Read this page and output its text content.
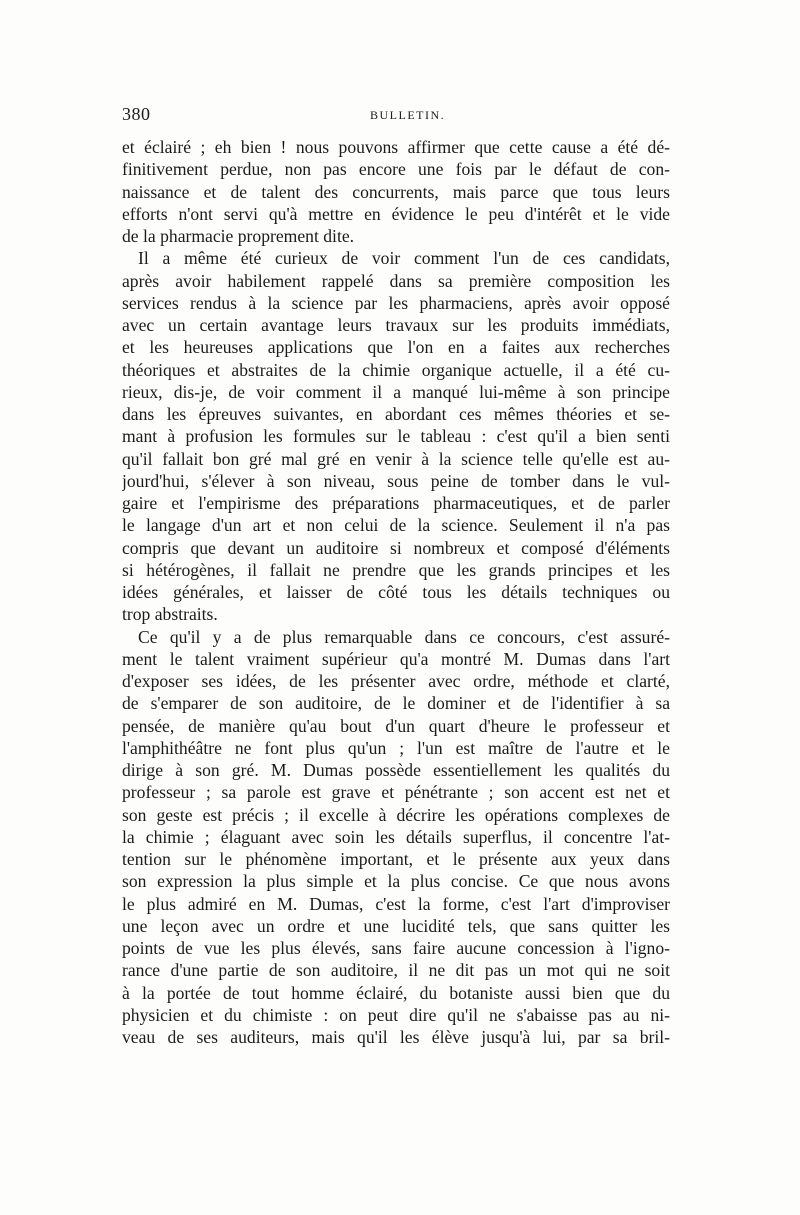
380	BULLETIN.
et éclairé ; eh bien ! nous pouvons affirmer que cette cause a été dé-
finitivement perdue, non pas encore une fois par le défaut de con-
naissance et de talent des concurrents, mais parce que tous leurs
efforts n'ont servi qu'à mettre en évidence le peu d'intérêt et le vide
de la pharmacie proprement dite.
Il a même été curieux de voir comment l'un de ces candidats,
après avoir habilement rappelé dans sa première composition les
services rendus à la science par les pharmaciens, après avoir opposé
avec un certain avantage leurs travaux sur les produits immédiats,
et les heureuses applications que l'on en a faites aux recherches
théoriques et abstraites de la chimie organique actuelle, il a été cu-
rieux, dis-je, de voir comment il a manqué lui-même à son principe
dans les épreuves suivantes, en abordant ces mêmes théories et se-
mant à profusion les formules sur le tableau : c'est qu'il a bien senti
qu'il fallait bon gré mal gré en venir à la science telle qu'elle est au-
jourd'hui, s'élever à son niveau, sous peine de tomber dans le vul-
gaire et l'empirisme des préparations pharmaceutiques, et de parler
le langage d'un art et non celui de la science. Seulement il n'a pas
compris que devant un auditoire si nombreux et composé d'éléments
si hétérogènes, il fallait ne prendre que les grands principes et les
idées générales, et laisser de côté tous les détails techniques ou
trop abstraits.
Ce qu'il y a de plus remarquable dans ce concours, c'est assuré-
ment le talent vraiment supérieur qu'a montré M. Dumas dans l'art
d'exposer ses idées, de les présenter avec ordre, méthode et clarté,
de s'emparer de son auditoire, de le dominer et de l'identifier à sa
pensée, de manière qu'au bout d'un quart d'heure le professeur et
l'amphithéâtre ne font plus qu'un ; l'un est maître de l'autre et le
dirige à son gré. M. Dumas possède essentiellement les qualités du
professeur ; sa parole est grave et pénétrante ; son accent est net et
son geste est précis ; il excelle à décrire les opérations complexes de
la chimie ; élaguant avec soin les détails superflus, il concentre l'at-
tention sur le phénomène important, et le présente aux yeux dans
son expression la plus simple et la plus concise. Ce que nous avons
le plus admiré en M. Dumas, c'est la forme, c'est l'art d'improviser
une leçon avec un ordre et une lucidité tels, que sans quitter les
points de vue les plus élevés, sans faire aucune concession à l'igno-
rance d'une partie de son auditoire, il ne dit pas un mot qui ne soit
à la portée de tout homme éclairé, du botaniste aussi bien que du
physicien et du chimiste : on peut dire qu'il ne s'abaisse pas au ni-
veau de ses auditeurs, mais qu'il les élève jusqu'à lui, par sa bril-
